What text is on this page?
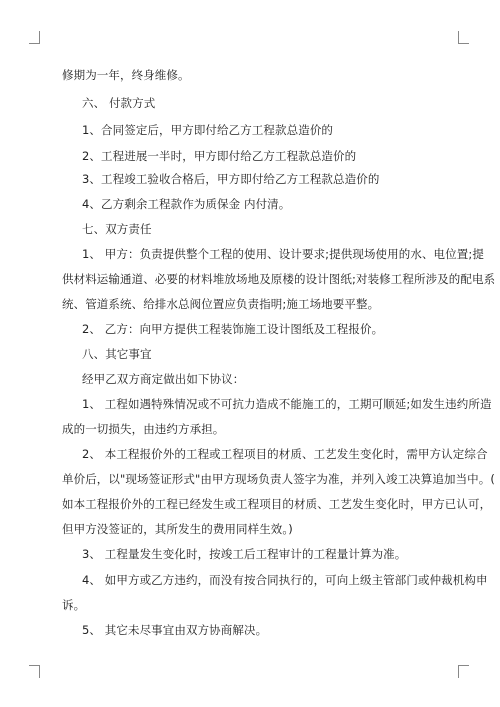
修期为一年，终身维修。
六、 付款方式
1、合同签定后，甲方即付给乙方工程款总造价的
2、工程进展一半时，甲方即付给乙方工程款总造价的
3、工程竣工验收合格后，甲方即付给乙方工程款总造价的
4、乙方剩余工程款作为质保金 内付清。
七、双方责任
1、 甲方：负责提供整个工程的使用、设计要求;提供现场使用的水、电位置;提
供材料运输通道、必要的材料堆放场地及原楼的设计图纸;对装修工程所涉及的配电系
统、管道系统、给排水总阀位置应负责指明;施工场地要平整。
2、 乙方：向甲方提供工程装饰施工设计图纸及工程报价。
八、其它事宜
经甲乙双方商定做出如下协议：
1、 工程如遇特殊情况或不可抗力造成不能施工的，工期可顺延;如发生违约所造
成的一切损失，由违约方承担。
2、 本工程报价外的工程或工程项目的材质、工艺发生变化时，需甲方认定综合
单价后，以"现场签证形式"由甲方现场负责人签字为准，并列入竣工决算追加当中。(
如本工程报价外的工程已经发生或工程项目的材质、工艺发生变化时，甲方已认可，
但甲方没签证的，其所发生的费用同样生效。)
3、 工程量发生变化时，按竣工后工程审计的工程量计算为准。
4、 如甲方或乙方违约，而没有按合同执行的，可向上级主管部门或仲裁机构申
诉。
5、 其它未尽事宜由双方协商解决。
